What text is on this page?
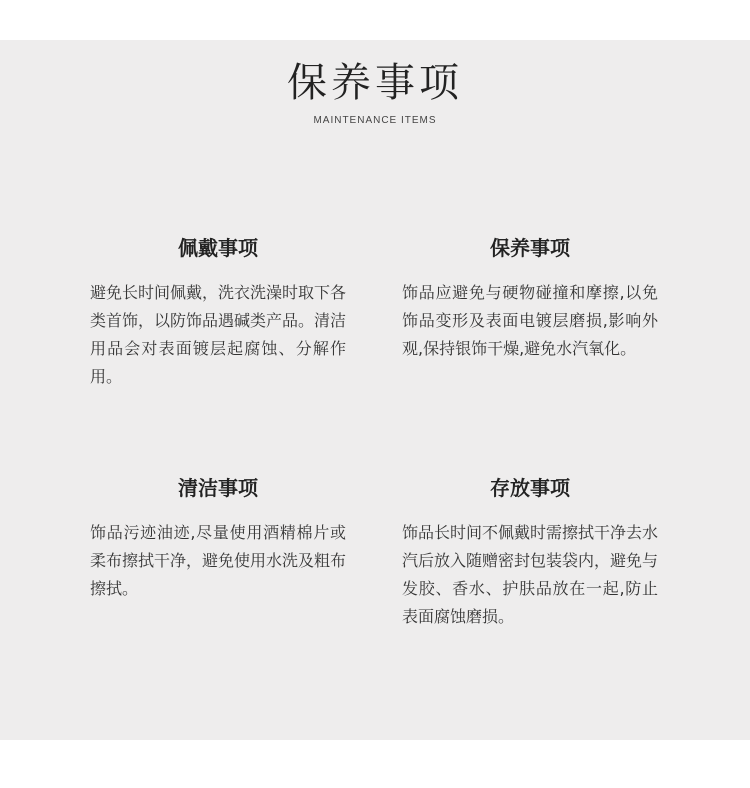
保养事项
MAINTENANCE ITEMS

佩戴事项

避免长时间佩戴，洗衣洗澡时取下各类首饰，以防饰品遇碱类产品。清洁用品会对表面镀层起腐蚀、分解作用。

保养事项

饰品应避免与硬物碰撞和摩擦,以免饰品变形及表面电镀层磨损,影响外观,保持银饰干燥,避免水汽氧化。

清洁事项

饰品污迹油迹,尽量使用酒精棉片或柔布擦拭干净，避免使用水洗及粗布擦拭。

存放事项

饰品长时间不佩戴时需擦拭干净去水汽后放入随赠密封包装袋内，避免与发胶、香水、护肤品放在一起,防止表面腐蚀磨损。
